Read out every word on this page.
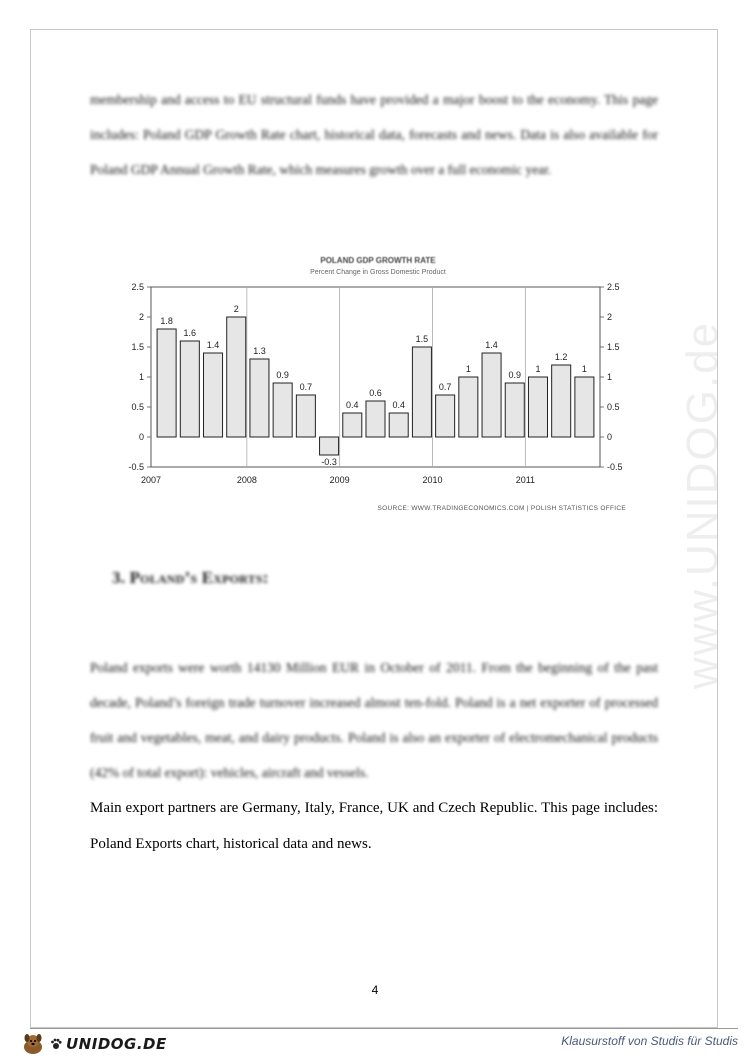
www.UNIDOG.de
membership and access to EU structural funds have provided a major boost to the economy. This page includes: Poland GDP Growth Rate chart, historical data, forecasts and news. Data is also available for Poland GDP Annual Growth Rate, which measures growth over a full economic year.
POLAND GDP GROWTH RATE
Percent Change in Gross Domestic Product
2007	2008	2009	2010	2011
-0.5	-0.5
0	0
0.5	0.5
1	1
1.5	1.5
2	2
2.5	2.5
1.8
1.6
1.4
2
1.3
0.9
0.7
-0.3
0.4
0.6
0.4
1.5
0.7
1
1.4
0.9
1
1.2
1
SOURCE: WWW.TRADINGECONOMICS.COM | POLISH STATISTICS OFFICE
3. Poland’s Exports:
Poland exports were worth 14130 Million EUR in October of 2011. From the beginning of the past decade, Poland’s foreign trade turnover increased almost ten-fold. Poland is a net exporter of processed fruit and vegetables, meat, and dairy products. Poland is also an exporter of electromechanical products (42% of total export): vehicles, aircraft and vessels.
Main export partners are Germany, Italy, France, UK and Czech Republic. This page includes: Poland Exports chart, historical data and news.
4
UNIDOG.DE	Klausurstoff von Studis für Studis
